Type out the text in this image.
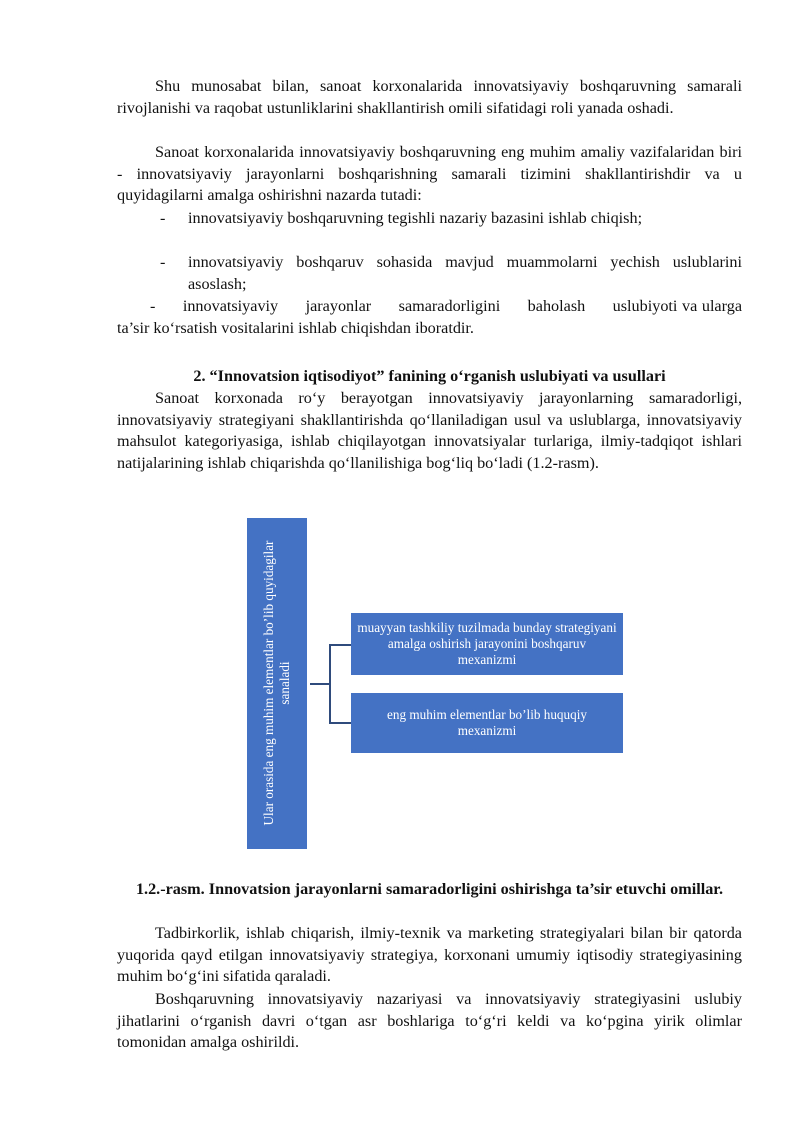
Shu munosabat bilan, sanoat korxonalarida innovatsiyaviy boshqaruvning samarali rivojlanishi va raqobat ustunliklarini shakllantirish omili sifatidagi roli yanada oshadi.

Sanoat korxonalarida innovatsiyaviy boshqaruvning eng muhim amaliy vazifalaridan biri - innovatsiyaviy jarayonlarni boshqarishning samarali tizimini shakllantirishdir va u quyidagilarni amalga oshirishni nazarda tutadi:

- innovatsiyaviy boshqaruvning tegishli nazariy bazasini ishlab chiqish;
- innovatsiyaviy boshqaruv sohasida mavjud muammolarni yechish uslublarini asoslash;

-      innovatsiyaviy      jarayonlar      samaradorligini      baholash      uslubiyoti va ularga ta’sir ko‘rsatish vositalarini ishlab chiqishdan iboratdir.

2. “Innovatsion iqtisodiyot” fanining o‘rganish uslubiyati va usullari

Sanoat korxonada ro‘y berayotgan innovatsiyaviy jarayonlarning samaradorligi, innovatsiyaviy strategiyani shakllantirishda qo‘llaniladigan usul va uslublarga, innovatsiyaviy mahsulot kategoriyasiga, ishlab chiqilayotgan innovatsiyalar turlariga, ilmiy-tadqiqot ishlari natijalarining ishlab chiqarishda qo‘llanilishiga bog‘liq bo‘ladi (1.2-rasm).

Ular orasida eng muhim elementlar bo’lib quyidagilar sanaladi
muayyan tashkiliy tuzilmada bunday strategiyani amalga oshirish jarayonini boshqaruv mexanizmi
eng muhim elementlar bo’lib huquqiy mexanizmi

1.2.-rasm. Innovatsion jarayonlarni samaradorligini oshirishga ta’sir etuvchi omillar.

Tadbirkorlik, ishlab chiqarish, ilmiy-texnik va marketing strategiyalari bilan bir qatorda yuqorida qayd etilgan innovatsiyaviy strategiya, korxonani umumiy iqtisodiy strategiyasining muhim bo‘g‘ini sifatida qaraladi.

Boshqaruvning innovatsiyaviy nazariyasi va innovatsiyaviy strategiyasini uslubiy jihatlarini o‘rganish davri o‘tgan asr boshlariga to‘g‘ri keldi va ko‘pgina yirik olimlar tomonidan amalga oshirildi.
